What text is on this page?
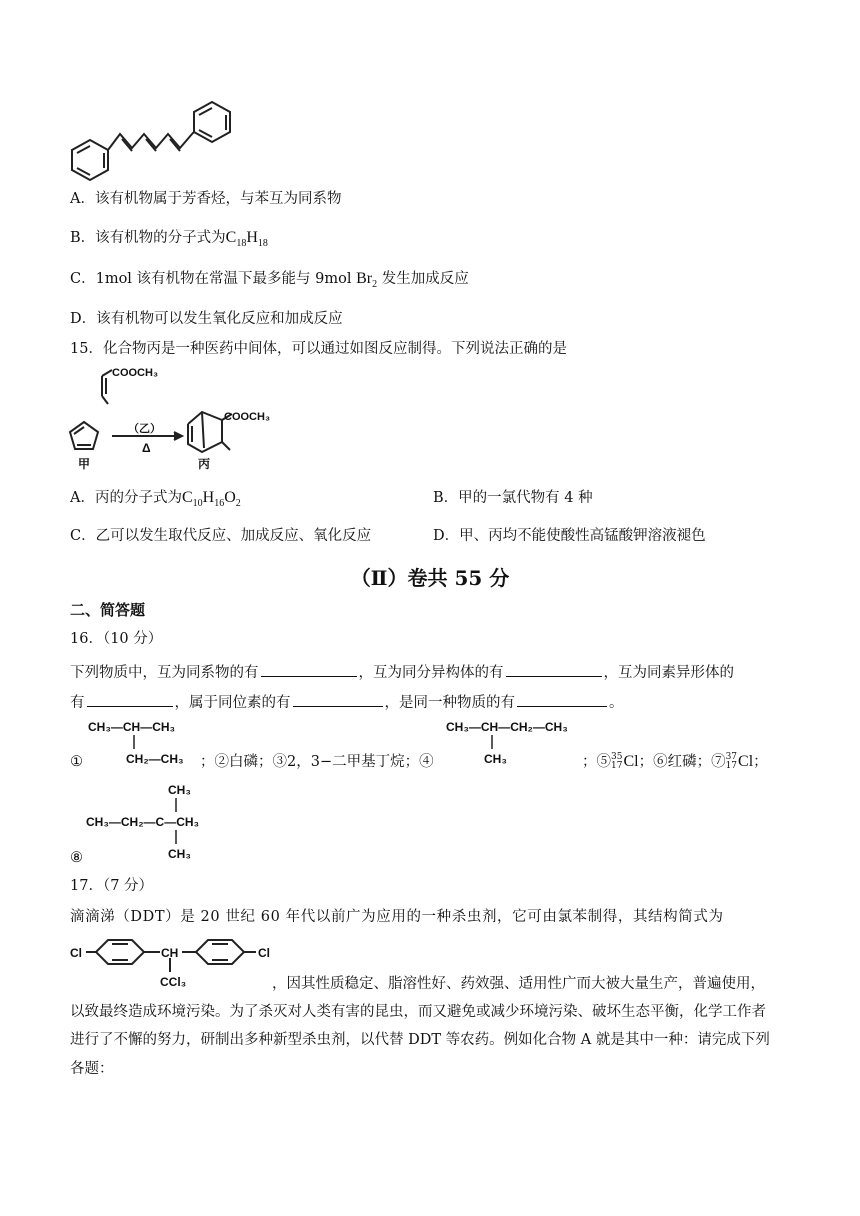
A．该有机物属于芳香烃，与苯互为同系物
B．该有机物的分子式为$C_{18}H_{18}$
C．1mol 该有机物在常温下最多能与 9mol $Br_2$ 发生加成反应
D．该有机物可以发生氧化反应和加成反应
15．化合物丙是一种医药中间体，可以通过如图反应制得。下列说法正确的是
COOCH₃
（乙）
Δ
甲
COOCH₃
丙
A．丙的分子式为$C_{10}H_{16}O_2$	B．甲的一氯代物有 4 种
C．乙可以发生取代反应、加成反应、氧化反应	D．甲、丙均不能使酸性高锰酸钾溶液褪色
（Ⅱ）卷共 55 分
二、简答题
16．（10 分）
下列物质中，互为同系物的有	，互为同分异构体的有	，互为同素异形体的
有	，属于同位素的有	，是同一种物质的有	。
①
CH₃—CH—CH₃
CH₂—CH₃ ；②白磷；③2，3−二甲基丁烷；④
CH₃—CH—CH₂—CH₃
CH₃	；⑤ 35
17 Cl；⑥红磷；⑦ 37
17 Cl；
CH₃
CH₃—CH₂—C—CH₃
CH₃
⑧
17．（7 分）
滴滴涕（DDT）是 20 世纪 60 年代以前广为应用的一种杀虫剂，它可由氯苯制得，其结构简式为
Cl	CH	Cl
CCl₃	，因其性质稳定、脂溶性好、药效强、适用性广而大被大量生产，普遍使用，
以致最终造成环境污染。为了杀灭对人类有害的昆虫，而又避免或减少环境污染、破坏生态平衡，化学工作者
进行了不懈的努力，研制出多种新型杀虫剂，以代替 DDT 等农药。例如化合物 A 就是其中一种：请完成下列
各题：
